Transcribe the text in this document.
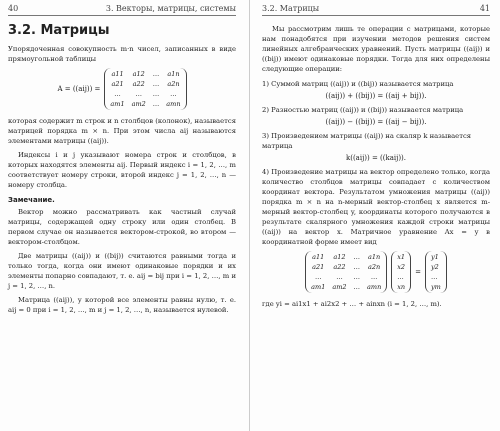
40	3. Векторы, матрицы, системы
3.2. Матрицы

Упорядоченная совокупность m·n чисел, записанных в виде прямоугольной таблицы

A = ((aij)) =
a11 a12 … a1n
a21 a22 … a2n
…	…	…	…
am1 am2 … amn

которая содержит m строк и n столбцов (колонок), называется матрицей порядка m × n. При этом числа aij называются элементами матрицы ((aij)).

Индексы i и j указывают номера строк и столбцов, в которых находятся элементы aij. Первый индекс i = 1, 2, …, m соответствует номеру строки, второй индекс j = 1, 2, …, n — номеру столбца.

Замечание.

Вектор можно рассматривать как частный случай матрицы, содержащей одну строку или один столбец. В первом случае он называется вектором-строкой, во втором — вектором-столбцом.

Две матрицы ((aij)) и ((bij)) считаются равными тогда и только тогда, когда они имеют одинаковые порядки и их элементы попарно совпадают, т. е. aij = bij при i = 1, 2, …, m и j = 1, 2, …, n.

Матрица ((aij)), у которой все элементы равны нулю, т. е. aij = 0 при i = 1, 2, …, m и j = 1, 2, …, n, называется нулевой.

3.2. Матрицы	41

Мы рассмотрим лишь те операции с матрицами, которые нам понадобятся при изучении методов решения систем линейных алгебраических уравнений. Пусть матрицы ((aij)) и ((bij)) имеют одинаковые порядки. Тогда для них определены следующие операции:

1) Суммой матриц ((aij)) и ((bij)) называется матрица
((aij)) + ((bij)) = ((aij + bij)).
2) Разностью матриц ((aij)) и ((bij)) называется матрица
((aij)) − ((bij)) = ((aij − bij)).
3) Произведением матрицы ((aij)) на скаляр k называется матрица
k((aij)) = ((kaij)).
4) Произведение матрицы на вектор определено только, когда количество столбцов матрицы совпадает с количеством координат вектора. Результатом умножения матрицы ((aij)) порядка m × n на n-мерный вектор-столбец x является m-мерный вектор-столбец y, координаты которого получаются в результате скалярного умножения каждой строки матрицы ((aij)) на вектор x. Матричное уравнение Ax = y в координатной форме имеет вид
a11 a12 … a1n
a21 a22 … a2n
…	…	…	…
am1 am2 … amn
x1
x2
…
xn
=
y1
y2
…
ym

где yi = ai1x1 + ai2x2 + … + ainxn (i = 1, 2, …, m).
